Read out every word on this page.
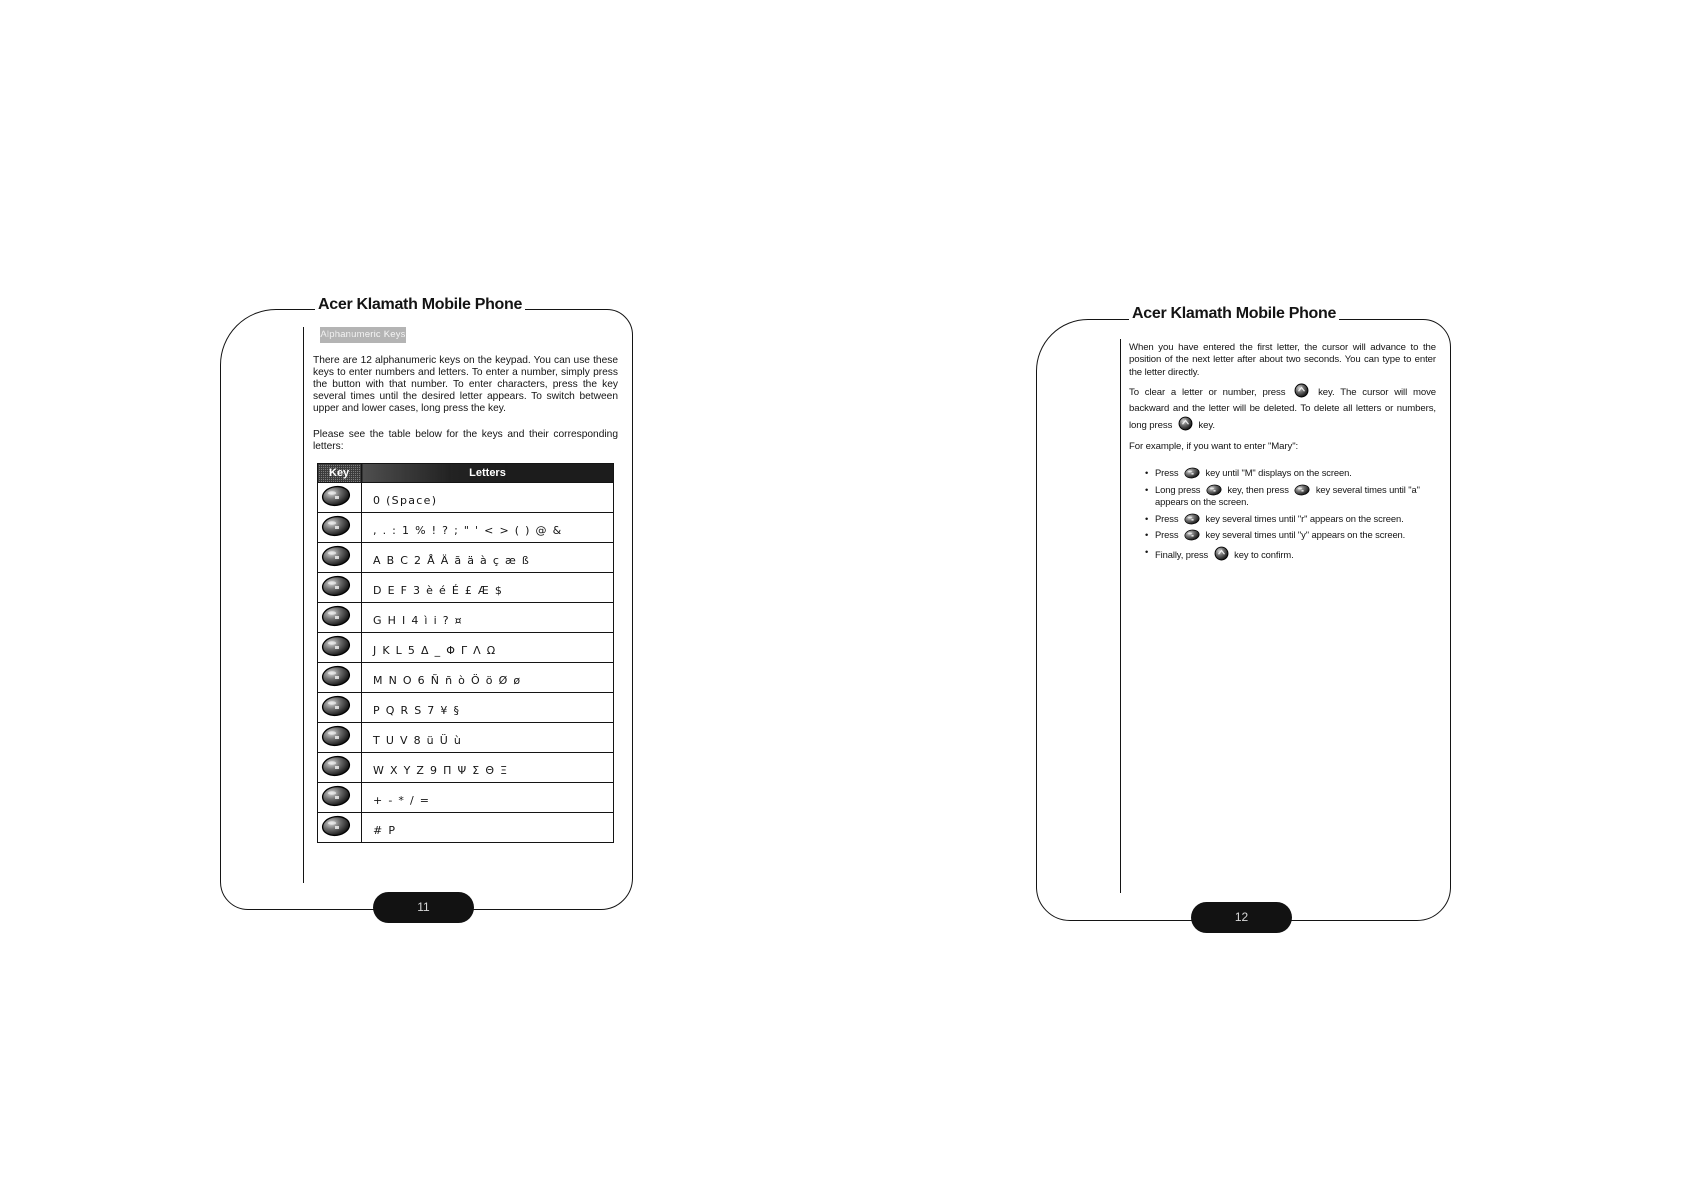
Acer Klamath Mobile Phone
Alphanumeric Keys

There are 12 alphanumeric keys on the keypad. You can use these keys to enter numbers and letters. To enter a number, simply press the button with that number. To enter characters, press the key several times until the desired letter appears. To switch between upper and lower cases, long press the key.

Please see the table below for the keys and their corresponding letters:

Key	Letters

	0 (Space)

	, . : 1 % ! ? ; " ' < > ( ) @ &

	A B C 2 Å Ä ã ä à ç æ ß

	D E F 3 è é É £ Æ $

	G H I 4 ì i ? ¤

	J K L 5 Δ _ Φ Γ Λ Ω

	M N O 6 Ñ ñ ò Ö ö Ø ø

	P Q R S 7 ¥ §

	T U V 8 ü Ü ù

	W X Y Z 9 Π Ψ Σ Θ Ξ

	+ - * / =

	# P
11
Acer Klamath Mobile Phone

When you have entered the first letter, the cursor will advance to the position of the next letter after about two seconds. You can type to enter the letter directly.

To clear a letter or number, press	key. The cursor will move backward and the letter will be deleted. To delete all letters or numbers, long press	key.

For example, if you want to enter "Mary":

• Press	key until "M" displays on the screen.
• Long press	key, then press	key several times until "a" appears on the screen.
• Press	key several times until "r" appears on the screen.
• Press	key several times until "y" appears on the screen.
• Finally, press	key to confirm.
12
